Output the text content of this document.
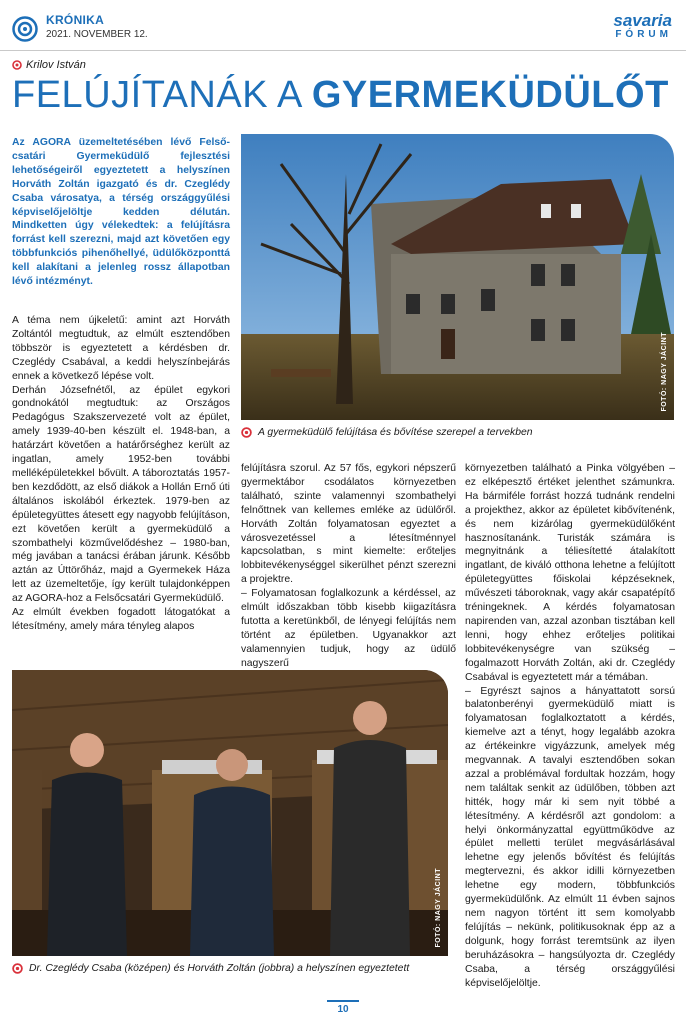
KRÓNIKA
2021. NOVEMBER 12.
savaria
FÓRUM
Krilov István
FELÚJÍTANÁK A GYERMEKÜDÜLŐT
Az AGORA üzemeltetésében lévő Felső-csatári Gyermeküdülő fejlesztési lehetőségeiről egyeztetett a helyszínen Horváth Zoltán igazgató és dr. Czeglédy Csaba városatya, a térség országgyűlési képviselőjelöltje kedden délután. Mindketten úgy vélekedtek: a felújításra forrást kell szerezni, majd azt követően egy többfunkciós pihenőhellyé, üdülőközponttá kell alakítani a jelenleg rossz állapotban lévő intézményt.

A téma nem újkeletű: amint azt Horváth Zoltántól megtudtuk, az elmúlt esztendőben többször is egyeztetett a kérdésben dr. Czeglédy Csabával, a keddi helyszínbejárás ennek a következő lépése volt.

Derhán Józsefnétől, az épület egykori gondnokától megtudtuk: az Országos Pedagógus Szakszervezeté volt az épület, amely 1939-40-ben készült el. 1948-ban, a határzárt követően a határőrséghez került az ingatlan, amely 1952-ben további melléképületekkel bővült. A táboroztatás 1957-ben kezdődött, az első diákok a Hollán Ernő úti általános iskolából érkeztek. 1979-ben az épületegyüttes átesett egy nagyobb felújításon, ezt követően került a gyermeküdülő a szombathelyi közművelődéshez – 1980-ban, még javában a tanácsi érában járunk. Később aztán az Úttörőház, majd a Gyermekek Háza lett az üzemeltetője, így került tulajdonképpen az AGORA-hoz a Felsőcsatári Gyermeküdülő.

Az elmúlt években fogadott látogatókat a létesítmény, amely mára tényleg alapos

FOTÓ: NAGY JÁCINT
A gyermeküdülő felújítása és bővítése szerepel a tervekben

felújításra szorul. Az 57 fős, egykori népszerű gyermektábor csodálatos környezetben található, szinte valamennyi szombathelyi felnőttnek van kellemes emléke az üdülőről. Horváth Zoltán folyamatosan egyeztet a városvezetéssel a létesítménnyel kapcsolatban, s mint kiemelte: erőteljes lobbitevékenységgel sikerülhet pénzt szerezni a projektre.

– Folyamatosan foglalkozunk a kérdéssel, az elmúlt időszakban több kisebb kiigazításra futotta a keretünkből, de lényegi felújítás nem történt az épületben. Ugyanakkor azt valamennyien tudjuk, hogy az üdülő nagyszerű

környezetben található a Pinka völgyében – ez elképesztő értéket jelenthet számunkra. Ha bármiféle forrást hozzá tudnánk rendelni a projekthez, akkor az épületet kibővítenénk, és nem kizárólag gyermeküdülőként hasznosítanánk. Turisták számára is megnyitnánk a téliesítetté átalakított ingatlant, de kiváló otthona lehetne a felújított épületegyüttes főiskolai képzéseknek, művészeti táboroknak, vagy akár csapatépítő tréningeknek. A kérdés folyamatosan napirenden van, azzal azonban tisztában kell lenni, hogy ehhez erőteljes politikai lobbitevékenységre van szükség – fogalmazott Horváth Zoltán, aki dr. Czeglédy Csabával is egyeztetett már a témában.

– Egyrészt sajnos a hányattatott sorsú balatonberényi gyermeküdülő miatt is folyamatosan foglalkoztatott a kérdés, kiemelve azt a tényt, hogy legalább azokra az értékeinkre vigyázzunk, amelyek még megvannak. A tavalyi esztendőben sokan azzal a problémával fordultak hozzám, hogy nem találtak senkit az üdülőben, többen azt hitték, hogy már ki sem nyit többé a létesítmény. A kérdésről azt gondolom: a helyi önkormányzattal együttműködve az épület melletti terület megvásárlásával lehetne egy jelenős bővítést és felújítás megtervezni, és akkor idilli környezetben lehetne egy modern, többfunkciós gyermeküdülőnk. Az elmúlt 11 évben sajnos nem nagyon történt itt sem komolyabb felújítás – nekünk, politikusoknak épp az a dolgunk, hogy forrást teremtsünk az ilyen beruházásokra – hangsúlyozta dr. Czeglédy Csaba, a térség országgyűlési képviselőjelöltje.

FOTÓ: NAGY JÁCINT
Dr. Czeglédy Csaba (középen) és Horváth Zoltán (jobbra) a helyszínen egyeztetett
10
